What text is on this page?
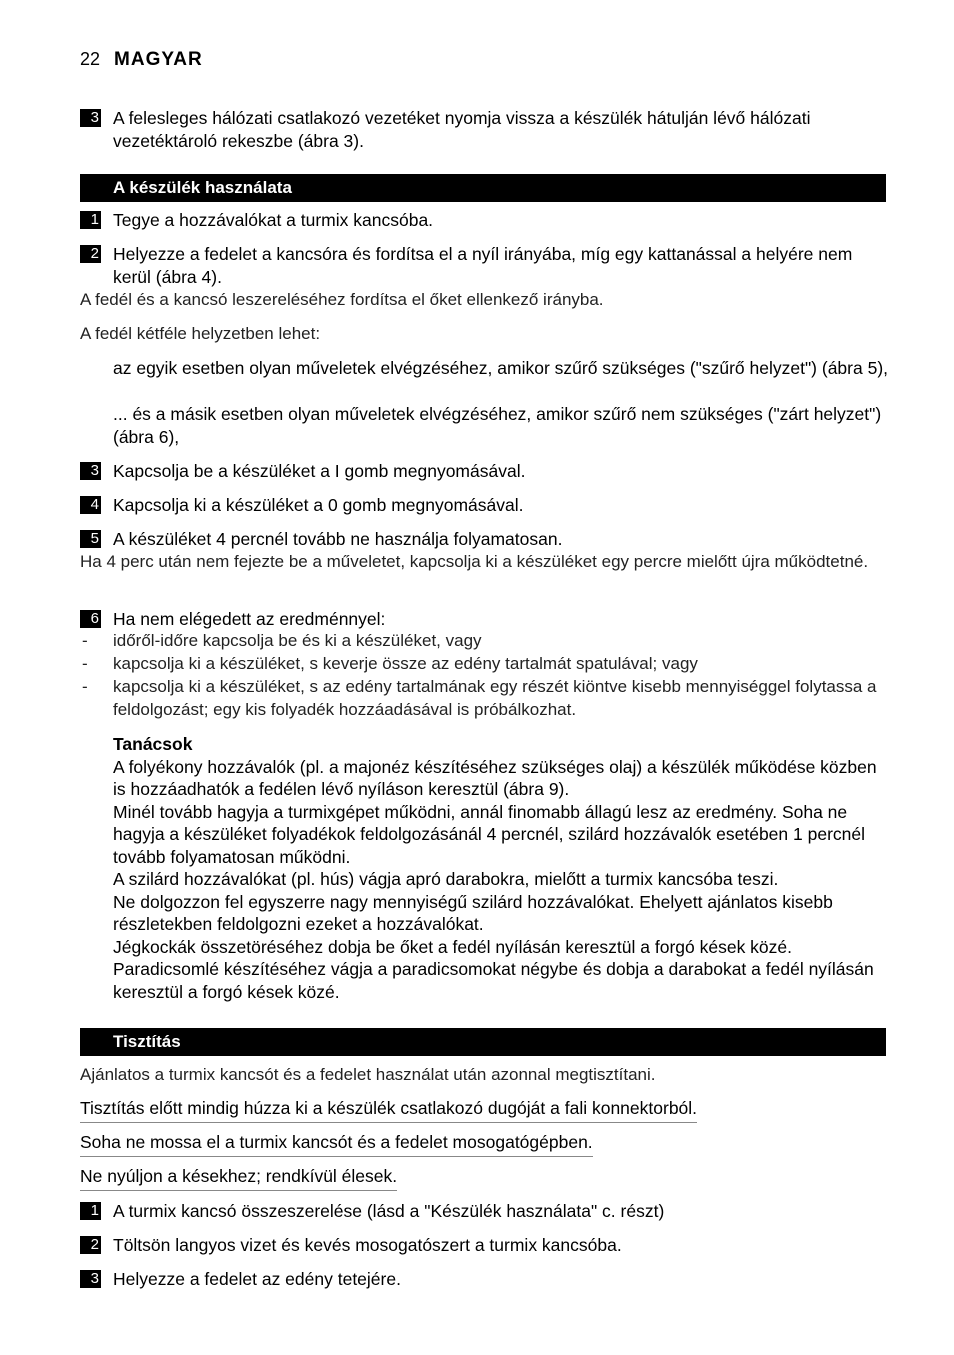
22 MAGYAR
3 A felesleges hálózati csatlakozó vezetéket nyomja vissza a készülék hátulján lévő hálózati vezetéktároló rekeszbe (ábra 3).
A készülék használata
1 Tegye a hozzávalókat a turmix kancsóba.
2 Helyezze a fedelet a kancsóra és fordítsa el a nyíl irányába, míg egy kattanással a helyére nem kerül (ábra 4).
A fedél és a kancsó leszereléséhez fordítsa el őket ellenkező irányba.
A fedél kétféle helyzetben lehet:
az egyik esetben olyan műveletek elvégzéséhez, amikor szűrő szükséges ("szűrő helyzet") (ábra 5),
... és a másik esetben olyan műveletek elvégzéséhez, amikor szűrő nem szükséges ("zárt helyzet") (ábra 6),
3 Kapcsolja be a készüléket a I gomb megnyomásával.
4 Kapcsolja ki a készüléket a 0 gomb megnyomásával.
5 A készüléket 4 percnél tovább ne használja folyamatosan.
Ha 4 perc után nem fejezte be a műveletet, kapcsolja ki a készüléket egy percre mielőtt újra működtetné.
6 Ha nem elégedett az eredménnyel:
- időről-időre kapcsolja be és ki a készüléket, vagy
- kapcsolja ki a készüléket, s keverje össze az edény tartalmát spatulával; vagy
- kapcsolja ki a készüléket, s az edény tartalmának egy részét kiöntve kisebb mennyiséggel folytassa a feldolgozást; egy kis folyadék hozzáadásával is próbálkozhat.
Tanácsok
A folyékony hozzávalók (pl. a majonéz készítéséhez szükséges olaj) a készülék működése közben is hozzáadhatók a fedélen lévő nyíláson keresztül (ábra 9).
Minél tovább hagyja a turmixgépet működni, annál finomabb állagú lesz az eredmény. Soha ne hagyja a készüléket folyadékok feldolgozásánál 4 percnél, szilárd hozzávalók esetében 1 percnél tovább folyamatosan működni.
A szilárd hozzávalókat (pl. hús) vágja apró darabokra, mielőtt a turmix kancsóba teszi.
Ne dolgozzon fel egyszerre nagy mennyiségű szilárd hozzávalókat. Ehelyett ajánlatos kisebb részletekben feldolgozni ezeket a hozzávalókat.
Jégkockák összetöréséhez dobja be őket a fedél nyílásán keresztül a forgó kések közé.
Paradicsomlé készítéséhez vágja a paradicsomokat négybe és dobja a darabokat a fedél nyílásán keresztül a forgó kések közé.
Tisztítás
Ajánlatos a turmix kancsót és a fedelet használat után azonnal megtisztítani.
Tisztítás előtt mindig húzza ki a készülék csatlakozó dugóját a fali konnektorból.
Soha ne mossa el a turmix kancsót és a fedelet mosogatógépben.
Ne nyúljon a késekhez; rendkívül élesek.
1 A turmix kancsó összeszerelése (lásd a "Készülék használata" c. részt)
2 Töltsön langyos vizet és kevés mosogatószert a turmix kancsóba.
3 Helyezze a fedelet az edény tetejére.
